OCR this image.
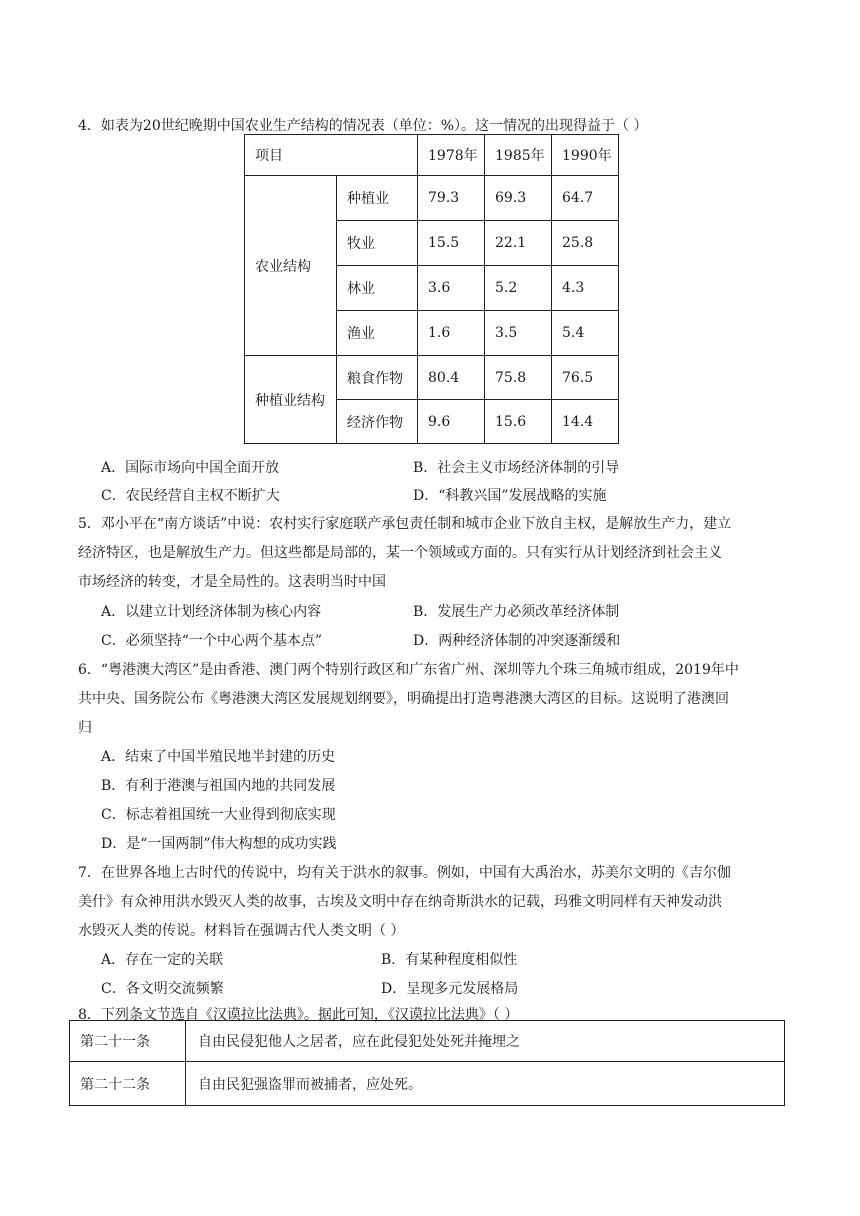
4．如表为20世纪晚期中国农业生产结构的情况表（单位：%）。这一情况的出现得益于（ ）
项目		1978年	1985年	1990年
农业结构	种植业	79.3	69.3	64.7
	牧业	15.5	22.1	25.8
	林业	3.6	5.2	4.3
	渔业	1.6	3.5	5.4
种植业结构	粮食作物	80.4	75.8	76.5
	经济作物	9.6	15.6	14.4
A．国际市场向中国全面开放	B．社会主义市场经济体制的引导
C．农民经营自主权不断扩大	D．“科教兴国”发展战略的实施
5．邓小平在“南方谈话”中说：农村实行家庭联产承包责任制和城市企业下放自主权，是解放生产力，建立
经济特区，也是解放生产力。但这些都是局部的，某一个领域或方面的。只有实行从计划经济到社会主义
市场经济的转变，才是全局性的。这表明当时中国
A．以建立计划经济体制为核心内容	B．发展生产力必须改革经济体制
C．必须坚持“一个中心两个基本点”	D．两种经济体制的冲突逐渐缓和
6．“粤港澳大湾区”是由香港、澳门两个特别行政区和广东省广州、深圳等九个珠三角城市组成，2019年中
共中央、国务院公布《粤港澳大湾区发展规划纲要》，明确提出打造粤港澳大湾区的目标。这说明了港澳回
归
A．结束了中国半殖民地半封建的历史
B．有利于港澳与祖国内地的共同发展
C．标志着祖国统一大业得到彻底实现
D．是“一国两制”伟大构想的成功实践
7．在世界各地上古时代的传说中，均有关于洪水的叙事。例如，中国有大禹治水，苏美尔文明的《吉尔伽
美什》有众神用洪水毁灭人类的故事，古埃及文明中存在纳奇斯洪水的记载，玛雅文明同样有天神发动洪
水毁灭人类的传说。材料旨在强调古代人类文明（ ）
A．存在一定的关联	B．有某种程度相似性
C．各文明交流频繁	D．呈现多元发展格局
8．下列条文节选自《汉谟拉比法典》。据此可知，《汉谟拉比法典》（ ）
第二十一条	自由民侵犯他人之居者，应在此侵犯处处死并掩埋之
第二十二条	自由民犯强盗罪而被捕者，应处死。
